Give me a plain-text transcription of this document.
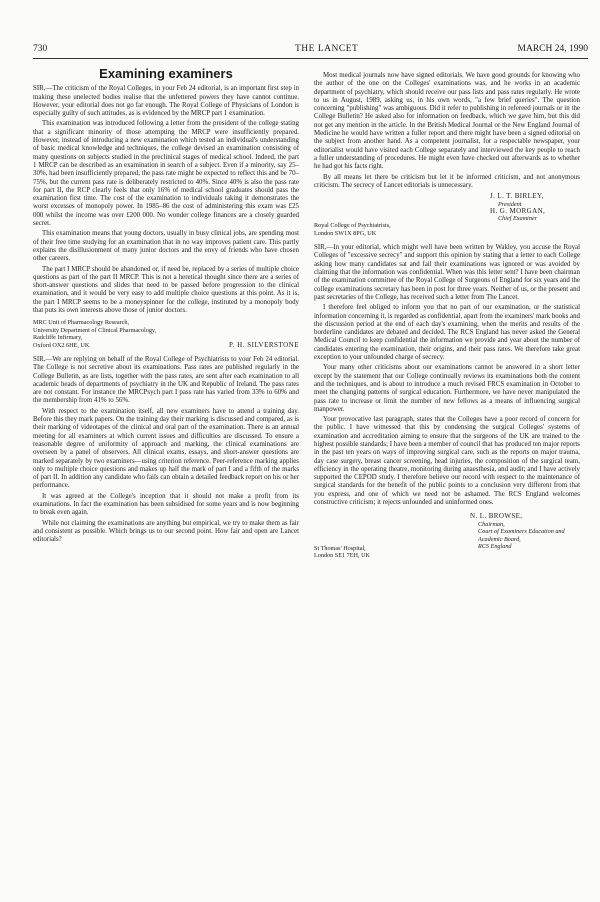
730	THE LANCET	MARCH 24, 1990
Examining examiners

SIR,—The criticism of the Royal Colleges, in your Feb 24 editorial, is an important first step in making these unelected bodies realise that the unfettered powers they have cannot continue. However, your editorial does not go far enough. The Royal College of Physicians of London is especially guilty of such attitudes, as is evidenced by the MRCP part 1 examination.

This examination was introduced following a letter from the president of the college stating that a significant minority of those attempting the MRCP were insufficiently prepared. However, instead of introducing a new examination which tested an individual's understanding of basic medical knowledge and techniques, the college devised an examination consisting of many questions on subjects studied in the preclinical stages of medical school. Indeed, the part 1 MRCP can be described as an examination in search of a subject. Even if a minority, say 25–30%, had been insufficiently prepared, the pass rate might be expected to reflect this and be 70–75%, but the current pass rate is deliberately restricted to 40%. Since 40% is also the pass rate for part II, the RCP clearly feels that only 16% of medical school graduates should pass the examination first time. The cost of the examination to individuals taking it demonstrates the worst excesses of monopoly power. In 1985–86 the cost of administering this exam was £25 000 whilst the income was over £200 000. No wonder college finances are a closely guarded secret.

This examination means that young doctors, usually in busy clinical jobs, are spending most of their free time studying for an examination that in no way improves patient care. This partly explains the disillusionment of many junior doctors and the envy of friends who have chosen other careers.

The part I MRCP should be abandoned or, if need be, replaced by a series of multiple choice questions as part of the part II MRCP. This is not a heretical thought since there are a series of short-answer questions and slides that need to be passed before progression to the clinical examination, and it would be very easy to add multiple choice questions at this point. As it is, the part I MRCP seems to be a moneyspinner for the college, instituted by a monopoly body that puts its own interests above those of junior doctors.

MRC Unit of Pharmacology Research,
University Department of Clinical Pharmacology,
Radcliffe Infirmary,
Oxford OX2 6HE, UK	P. H. SILVERSTONE

SIR,—We are replying on behalf of the Royal College of Psychiatrists to your Feb 24 editorial. The College is not secretive about its examinations. Pass rates are published regularly in the College Bulletin, as are lists, together with the pass rates, are sent after each examination to all academic heads of departments of psychiatry in the UK and Republic of Ireland. The pass rates are not constant. For instance the MRCPsych part I pass rate has varied from 33% to 60% and the membership from 41% to 56%.

With respect to the examination itself, all new examiners have to attend a training day. Before this they mark papers. On the training day their marking is discussed and compared, as is their marking of videotapes of the clinical and oral part of the examination. There is an annual meeting for all examiners at which current issues and difficulties are discussed. To ensure a reasonable degree of uniformity of approach and marking, the clinical examinations are overseen by a panel of observers. All clinical exams, essays, and short-answer questions are marked separately by two examiners—using criterion reference. Peer-reference marking applies only to multiple choice questions and makes up half the mark of part I and a fifth of the marks of part II. In addition any candidate who fails can obtain a detailed feedback report on his or her performance.

It was agreed at the College's inception that it should not make a profit from its examinations. In fact the examination has been subsidised for some years and is now beginning to break even again.

While not claiming the examinations are anything but empirical, we try to make them as fair and consistent as possible. Which brings us to our second point. How fair and open are Lancet editorials?

Most medical journals now have signed editorials. We have good grounds for knowing who the author of the one on the Colleges' examinations was, and he works in an academic department of psychiatry, which should receive our pass lists and pass rates regularly. He wrote to us in August, 1989, asking us, in his own words, "a few brief queries". The question concerning "publishing" was ambiguous. Did it refer to publishing in refereed journals or in the College Bulletin? He asked also for information on feedback, which we gave him, but this did not get any mention in the article. In the British Medical Journal or the New England Journal of Medicine he would have written a fuller report and there might have been a signed editorial on the subject from another hand. As a competent journalist, for a respectable newspaper, your editorialist would have visited each College separately and interviewed the key people to reach a fuller understanding of procedures. He might even have checked out afterwards as to whether he had got his facts right.

By all means let there be criticism but let it be informed criticism, and not anonymous criticism. The secrecy of Lancet editorials is unnecessary.

J. L. T. BIRLEY,
President
H. G. MORGAN,
Chief Examiner
Royal College of Psychiatrists,
London SW1X 8PG, UK

SIR,—In your editorial, which might well have been written by Wakley, you accuse the Royal Colleges of "excessive secrecy" and support this opinion by stating that a letter to each College asking how many candidates sat and fail their examinations was ignored or was avoided by claiming that the information was confidential. When was this letter sent? I have been chairman of the examination committee of the Royal College of Surgeons of England for six years and the college examinations secretary has been in post for three years. Neither of us, or the present and past secretaries of the College, has received such a letter from The Lancet.

I therefore feel obliged to inform you that no part of our examination, or the statistical information concerning it, is regarded as confidential, apart from the examiners' mark books and the discussion period at the end of each day's examining, when the merits and results of the borderline candidates are debated and decided. The RCS England has never asked the General Medical Council to keep confidential the information we provide and year about the number of candidates entering the examination, their origins, and their pass rates. We therefore take great exception to your unfounded charge of secrecy.

Your many other criticisms about our examinations cannot be answered in a short letter except by the statement that our College continually reviews its examinations both the content and the techniques, and is about to introduce a much revised FRCS examination in October to meet the changing patterns of surgical education. Furthermore, we have never manipulated the pass rate to increase or limit the number of new fellows as a means of influencing surgical manpower.

Your provocative last paragraph, states that the Colleges have a poor record of concern for the public. I have witnessed that this by condensing the surgical Colleges' systems of examination and accreditation aiming to ensure that the surgeons of the UK are trained to the highest possible standards; I have been a member of council that has produced ten major reports in the past ten years on ways of improving surgical care, such as the reports on major trauma, day case surgery, breast cancer screening, head injuries, the composition of the surgical team, efficiency in the operating theatre, monitoring during anaesthesia, and audit; and I have actively supported the CEPOD study. I therefore believe our record with respect to the maintenance of surgical standards for the benefit of the public points to a conclusion very different from that you express, and one of which we need not be ashamed. The RCS England welcomes constructive criticism; it rejects unfounded and uninformed ones.

N. L. BROWSE,
Chairman,
Court of Examiners Education and
Academic Board,
RCS England
St Thomas' Hospital,
London SE1 7EH, UK
